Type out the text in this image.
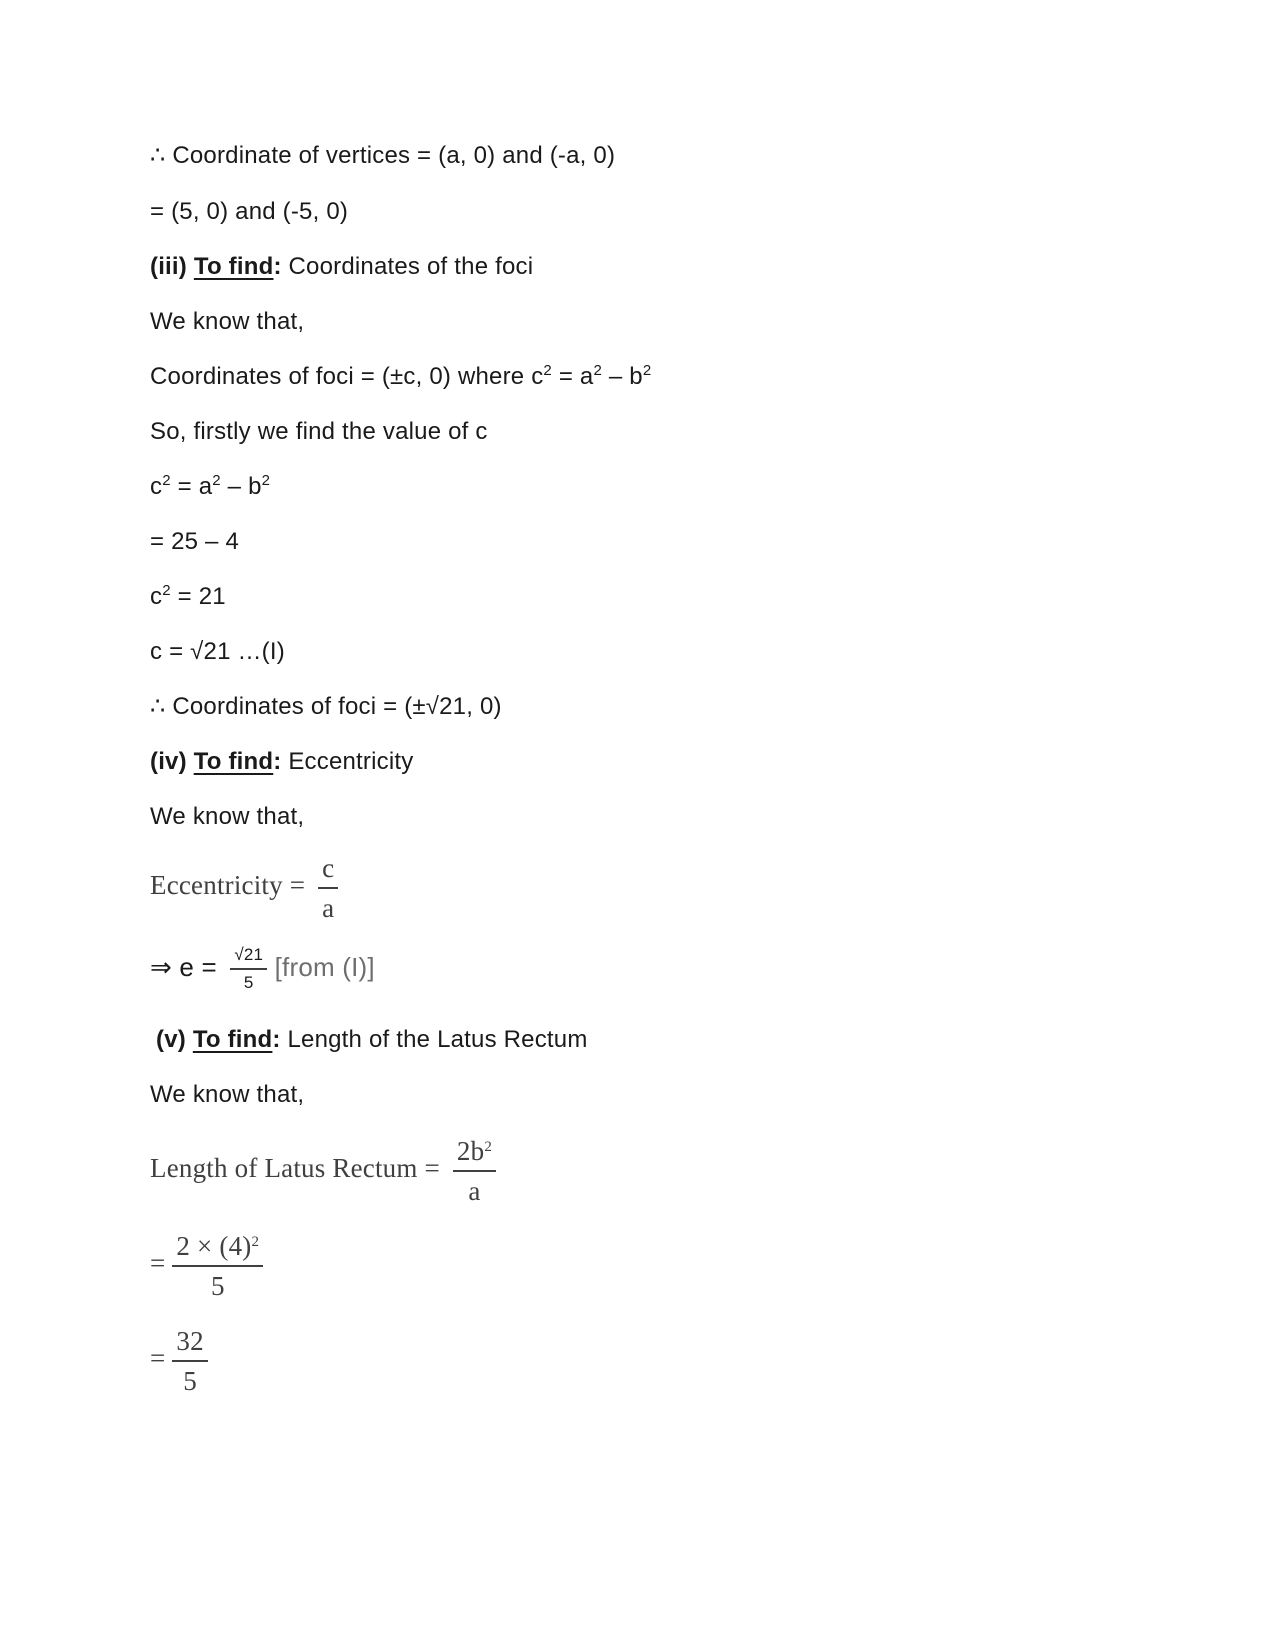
∴ Coordinate of vertices = (a, 0) and (-a, 0)
= (5, 0) and (-5, 0)
(iii) To find: Coordinates of the foci
We know that,
Coordinates of foci = (±c, 0) where $c^2 = a^2 - b^2$
So, firstly we find the value of c
$c^2 = a^2 - b^2$
= 25 – 4
$c^2 = 21$
c = √21 …(I)
∴ Coordinates of foci = (±√21, 0)
(iv) To find: Eccentricity
We know that,
Eccentricity = $\frac{c}{a}$
⇒ $e = \frac{√21}{5}$ [from (I)]
(v) To find: Length of the Latus Rectum
We know that,
Length of Latus Rectum = $\frac{2b^2}{a}$
= $\frac{2 \times (4)^2}{5}$
= $\frac{32}{5}$
